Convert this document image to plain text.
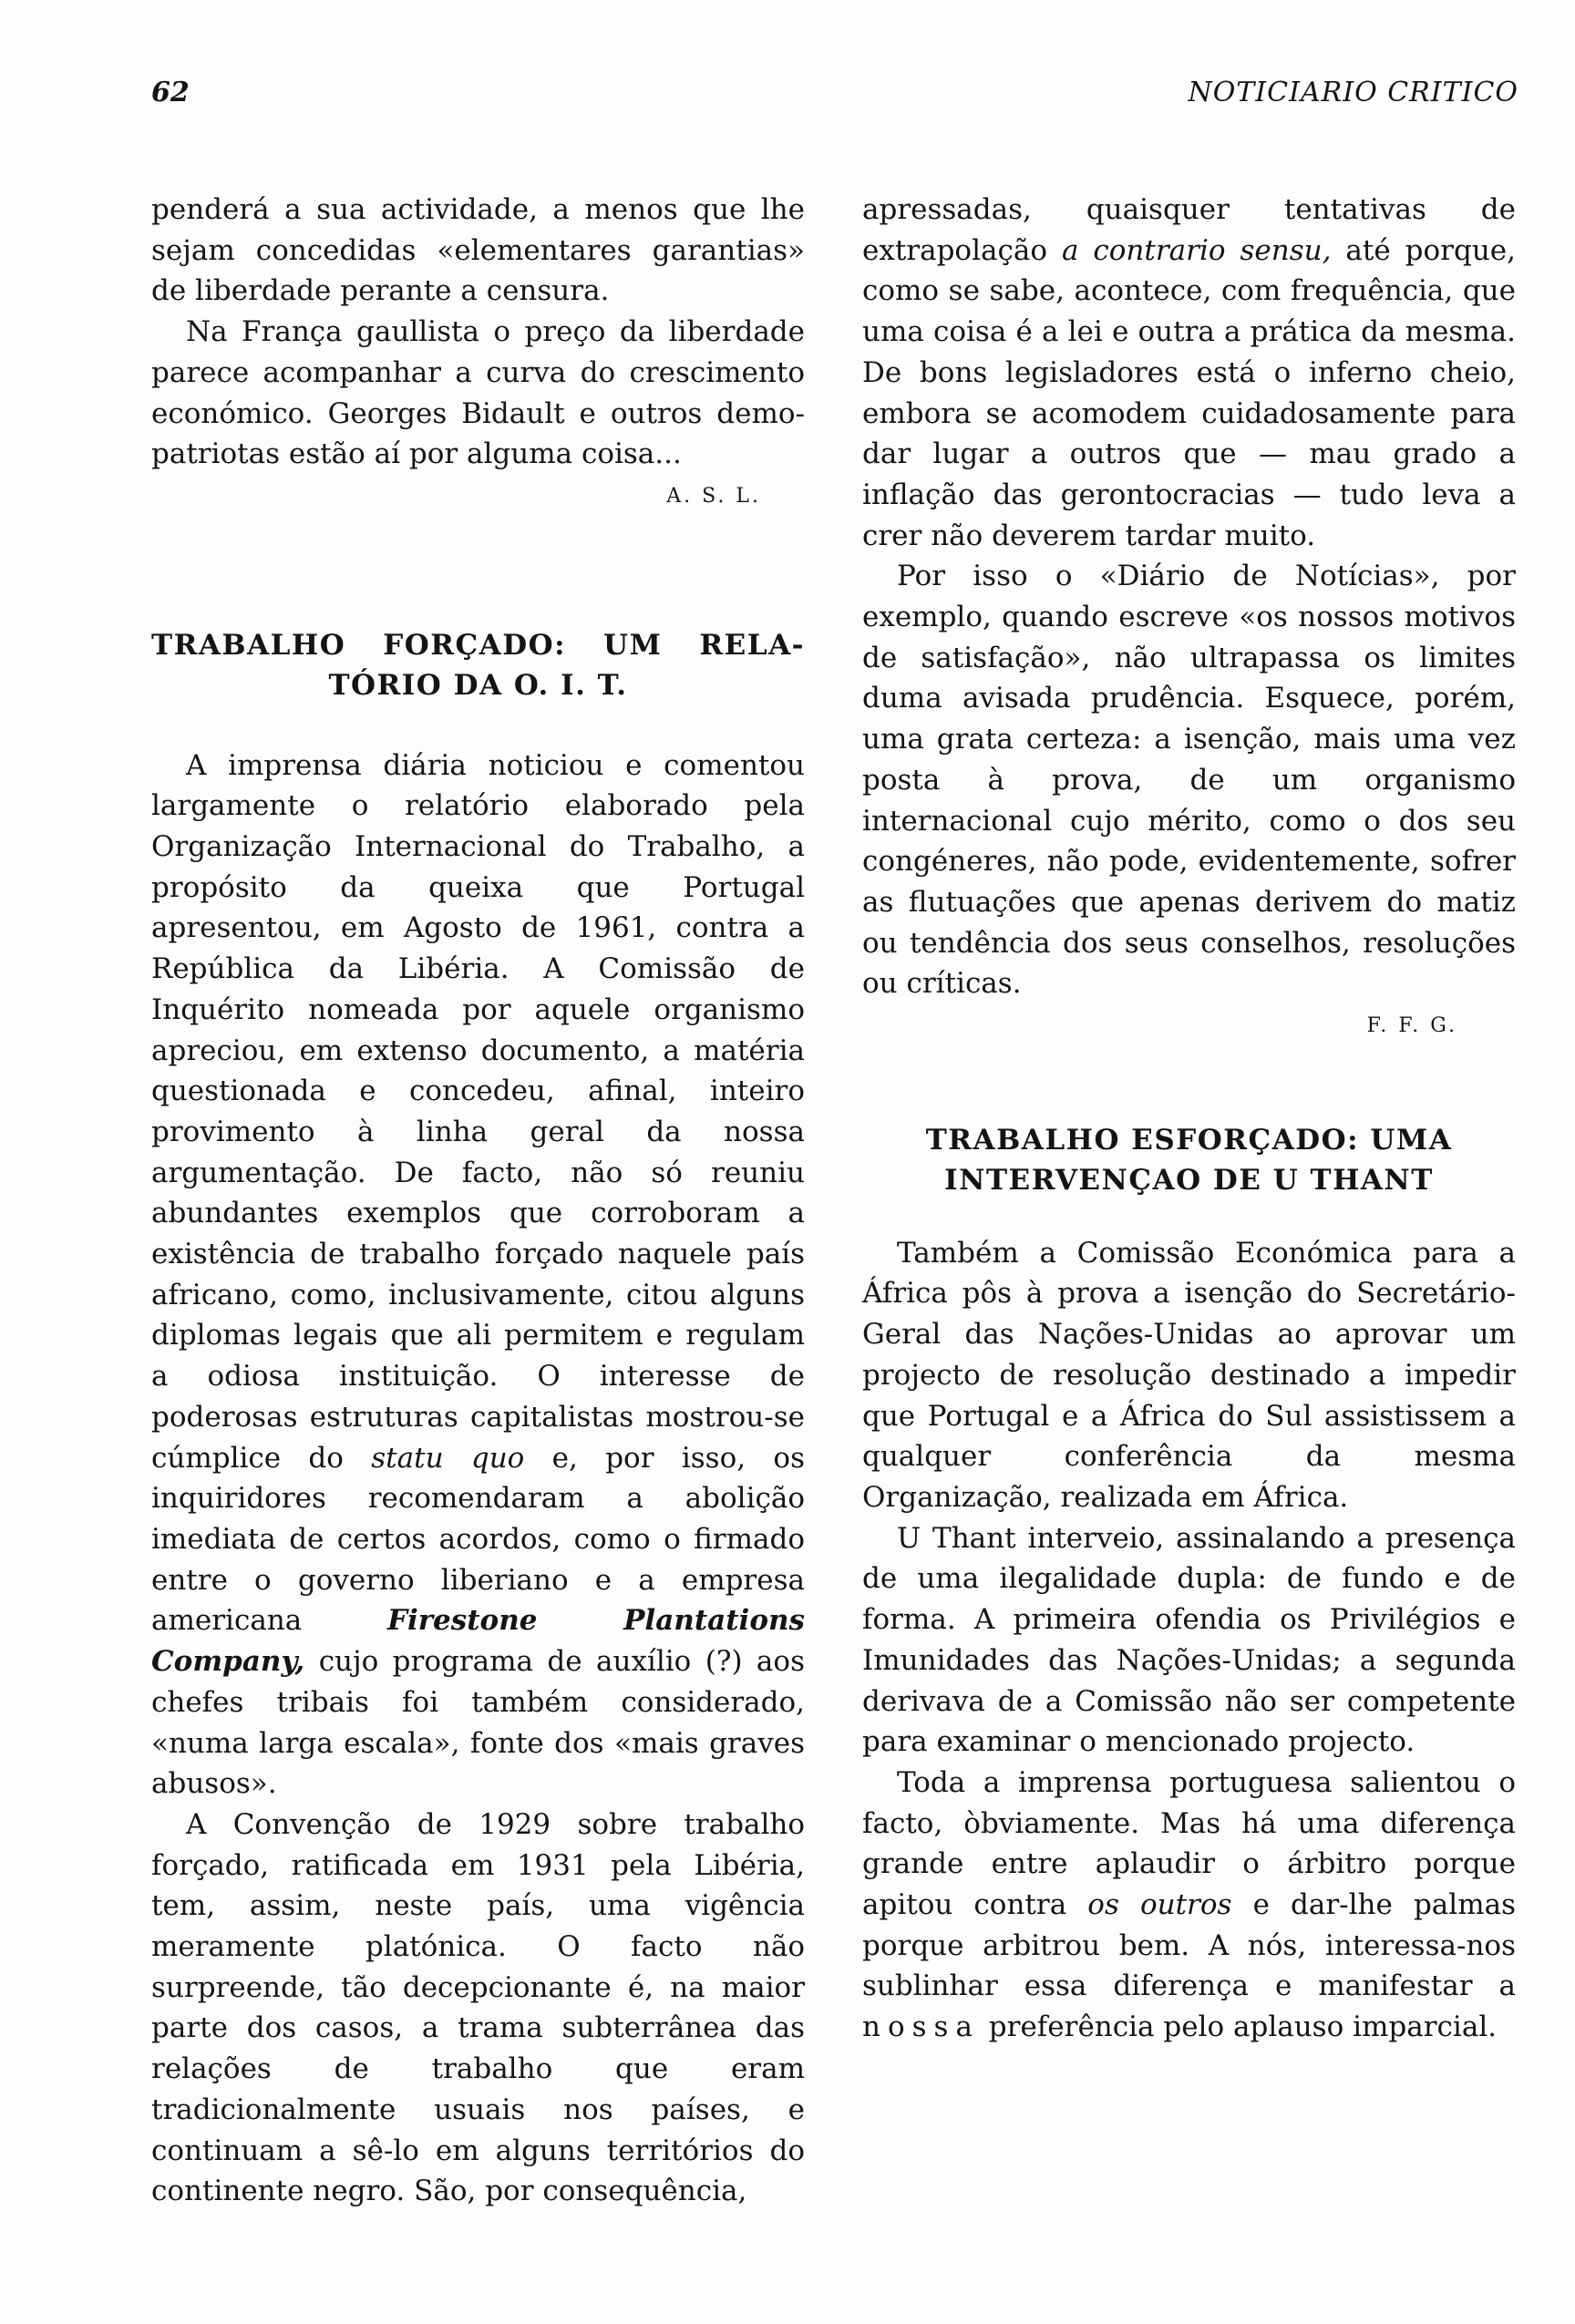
62	NOTICIARIO CRITICO

penderá a sua actividade, a menos que lhe sejam concedidas «elementares garantias» de liberdade perante a censura.

Na França gaullista o preço da liberdade parece acompanhar a curva do crescimento económico. Georges Bidault e outros demo-patriotas estão aí por alguma coisa...

A. S. L.
TRABALHO FORÇADO: UM RELA-
TÓRIO DA O. I. T.

A imprensa diária noticiou e comentou largamente o relatório elaborado pela Organização Internacional do Trabalho, a propósito da queixa que Portugal apresentou, em Agosto de 1961, contra a República da Libéria. A Comissão de Inquérito nomeada por aquele organismo apreciou, em extenso documento, a matéria questionada e concedeu, afinal, inteiro provimento à linha geral da nossa argumentação. De facto, não só reuniu abundantes exemplos que corroboram a existência de trabalho forçado naquele país africano, como, inclusivamente, citou alguns diplomas legais que ali permitem e regulam a odiosa instituição. O interesse de poderosas estruturas capitalistas mostrou-se cúmplice do statu quo e, por isso, os inquiridores recomendaram a abolição imediata de certos acordos, como o firmado entre o governo liberiano e a empresa americana	Firestone Plantations Company, cujo programa de auxílio (?) aos chefes tribais foi também considerado, «numa larga escala», fonte dos «mais graves abusos».

A Convenção de 1929 sobre trabalho forçado, ratificada em 1931 pela Libéria, tem, assim, neste país, uma vigência meramente platónica. O facto não surpreende, tão decepcionante é, na maior parte dos casos, a trama subterrânea das relações de trabalho que eram tradicionalmente usuais nos países, e continuam a sê-lo em alguns territórios do continente negro. São, por consequência,

apressadas, quaisquer tentativas de extrapolação a contrario sensu, até porque, como se sabe, acontece, com frequência, que uma coisa é a lei e outra a prática da mesma. De bons legisladores está o inferno cheio, embora se acomodem cuidadosamente para dar lugar a outros que — mau grado a inflação das gerontocracias — tudo leva a crer não deverem tardar muito.

Por isso o «Diário de Notícias», por exemplo, quando escreve «os nossos motivos de satisfação», não ultrapassa os limites duma avisada prudência. Esquece, porém, uma grata certeza: a isenção, mais uma vez posta à prova, de um organismo internacional cujo mérito, como o dos seu congéneres, não pode, evidentemente, sofrer as flutuações que apenas derivem do matiz ou tendência dos seus conselhos, resoluções ou críticas.

F. F. G.
TRABALHO ESFORÇADO: UMA
INTERVENÇAO DE U THANT

Também a Comissão Económica para a África pôs à prova a isenção do Secretário-Geral das Nações-Unidas ao aprovar um projecto de resolução destinado a impedir que Portugal e a África do Sul assistissem a qualquer conferência da mesma Organização, realizada em África.

U Thant interveio, assinalando a presença de uma ilegalidade dupla: de fundo e de forma. A primeira ofendia os Privilégios e Imunidades das Nações-Unidas; a segunda derivava de a Comissão não ser competente para examinar o mencionado projecto.

Toda a imprensa portuguesa salientou o facto, òbviamente. Mas há uma diferença grande entre aplaudir o árbitro porque apitou contra os outros e dar-lhe palmas porque arbitrou bem. A nós, interessa-nos sublinhar essa diferença e manifestar a nossa preferência pelo aplauso imparcial.
